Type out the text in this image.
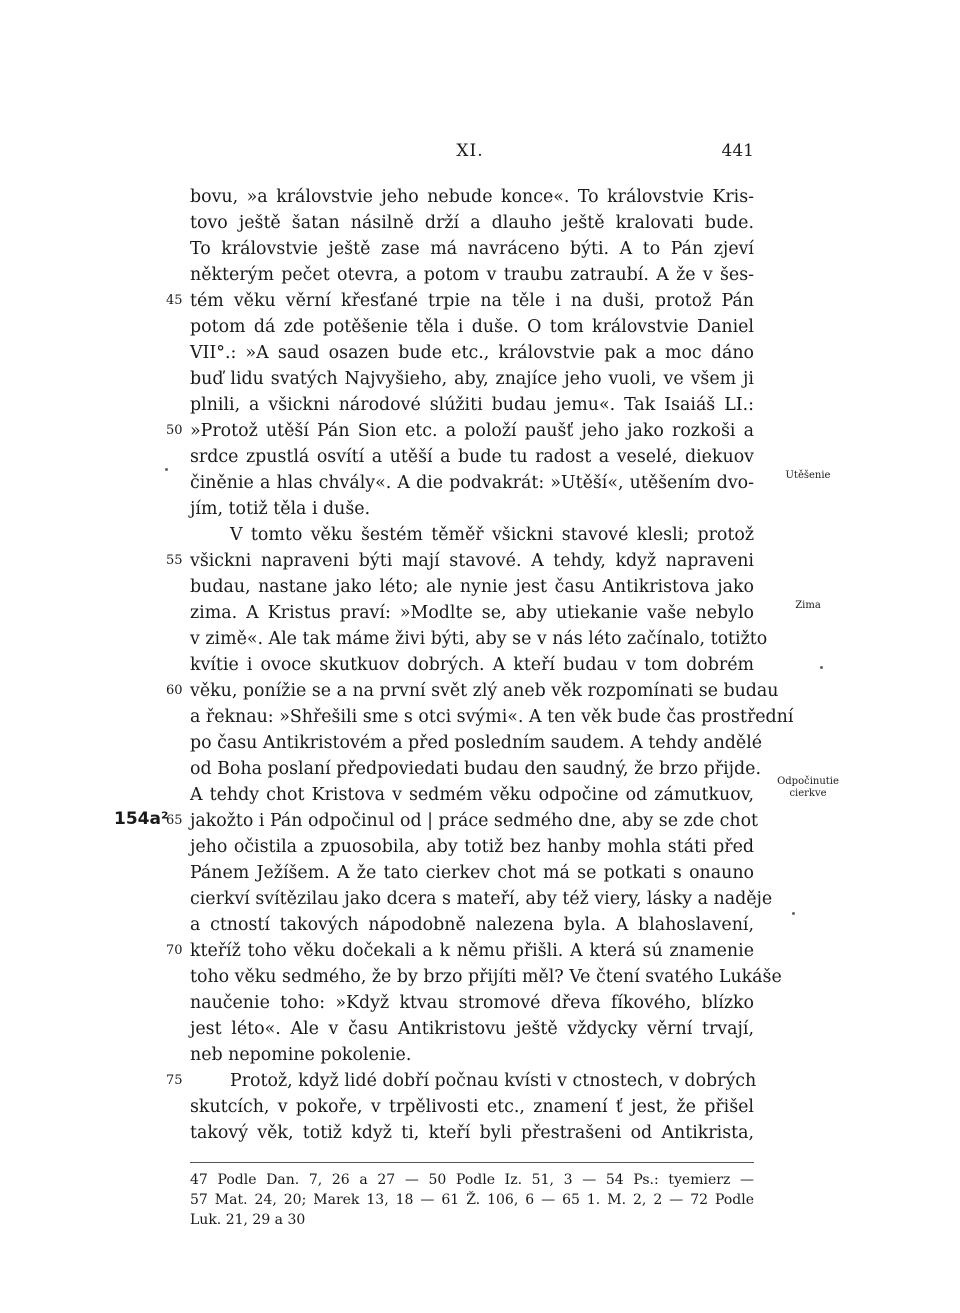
XI.	441
bovu, »a královstvie jeho nebude konce«. To královstvie Kris-
tovo ještě šatan násilně drží a dlauho ještě kralovati bude.
To královstvie ještě zase má navráceno býti. A to Pán zjeví
některým pečet otevra, a potom v traubu zatraubí. A že v šes-
tém věku věrní křesťané trpie na těle i na duši, protož Pán
potom dá zde potěšenie těla i duše. O tom královstvie Daniel
VII°.: »A saud osazen bude etc., královstvie pak a moc dáno
buď lidu svatých Najvyšieho, aby, znajíce jeho vuoli, ve všem ji
plnili, a všickni národové slúžiti budau jemu«. Tak Isaiáš LI.:
»Protož utěší Pán Sion etc. a položí paušť jeho jako rozkoši a
srdce zpustlá osvítí a utěší a bude tu radost a veselé, diekuov
činěnie a hlas chvály«. A die podvakrát: »Utěší«, utěšením dvo-
jím, totiž těla i duše.
V tomto věku šestém těměř všickni stavové klesli; protož
všickni napraveni býti mají stavové. A tehdy, když napraveni
budau, nastane jako léto; ale nynie jest času Antikristova jako
zima. A Kristus praví: »Modlte se, aby utiekanie vaše nebylo
v zimě«. Ale tak máme živi býti, aby se v nás léto začínalo, totižto
kvítie i ovoce skutkuov dobrých. A kteří budau v tom dobrém
věku, ponížie se a na první svět zlý aneb věk rozpomínati se budau
a řeknau: »Shřešili sme s otci svými«. A ten věk bude čas prostřední
po času Antikristovém a před posledním saudem. A tehdy andělé
od Boha poslaní předpoviedati budau den saudný, že brzo přijde.
A tehdy chot Kristova v sedmém věku odpočine od zámutkuov,
jakožto i Pán odpočinul od | práce sedmého dne, aby se zde chot
jeho očistila a zpuosobila, aby totiž bez hanby mohla státi před
Pánem Ježíšem. A že tato cierkev chot má se potkati s onauno
cierkví svítězilau jako dcera s mateří, aby též viery, lásky a naděje
a ctností takových nápodobně nalezena byla. A blahoslavení,
kteříž toho věku dočekali a k němu přišli. A která sú znamenie
toho věku sedmého, že by brzo přijíti měl? Ve čtení svatého Lukáše
naučenie toho: »Když ktvau stromové dřeva fíkového, blízko
jest léto«. Ale v času Antikristovu ještě vždycky věrní trvají,
neb nepomine pokolenie.
Protož, když lidé dobří počnau kvísti v ctnostech, v dobrých
skutcích, v pokoře, v trpělivosti etc., znamení ť jest, že přišel
takový věk, totiž když ti, kteří byli přestrašeni od Antikrista,
45
50
55
60
65
70
75
154a²
Utěšenie
Zima
Odpočinutie cierkve
47 Podle Dan. 7, 26 a 27 — 50 Podle Iz. 51, 3 — 54 Ps.: tyemierz —
57 Mat. 24, 20; Marek 13, 18 — 61 Ž. 106, 6 — 65 1. M. 2, 2 — 72 Podle
Luk. 21, 29 a 30
